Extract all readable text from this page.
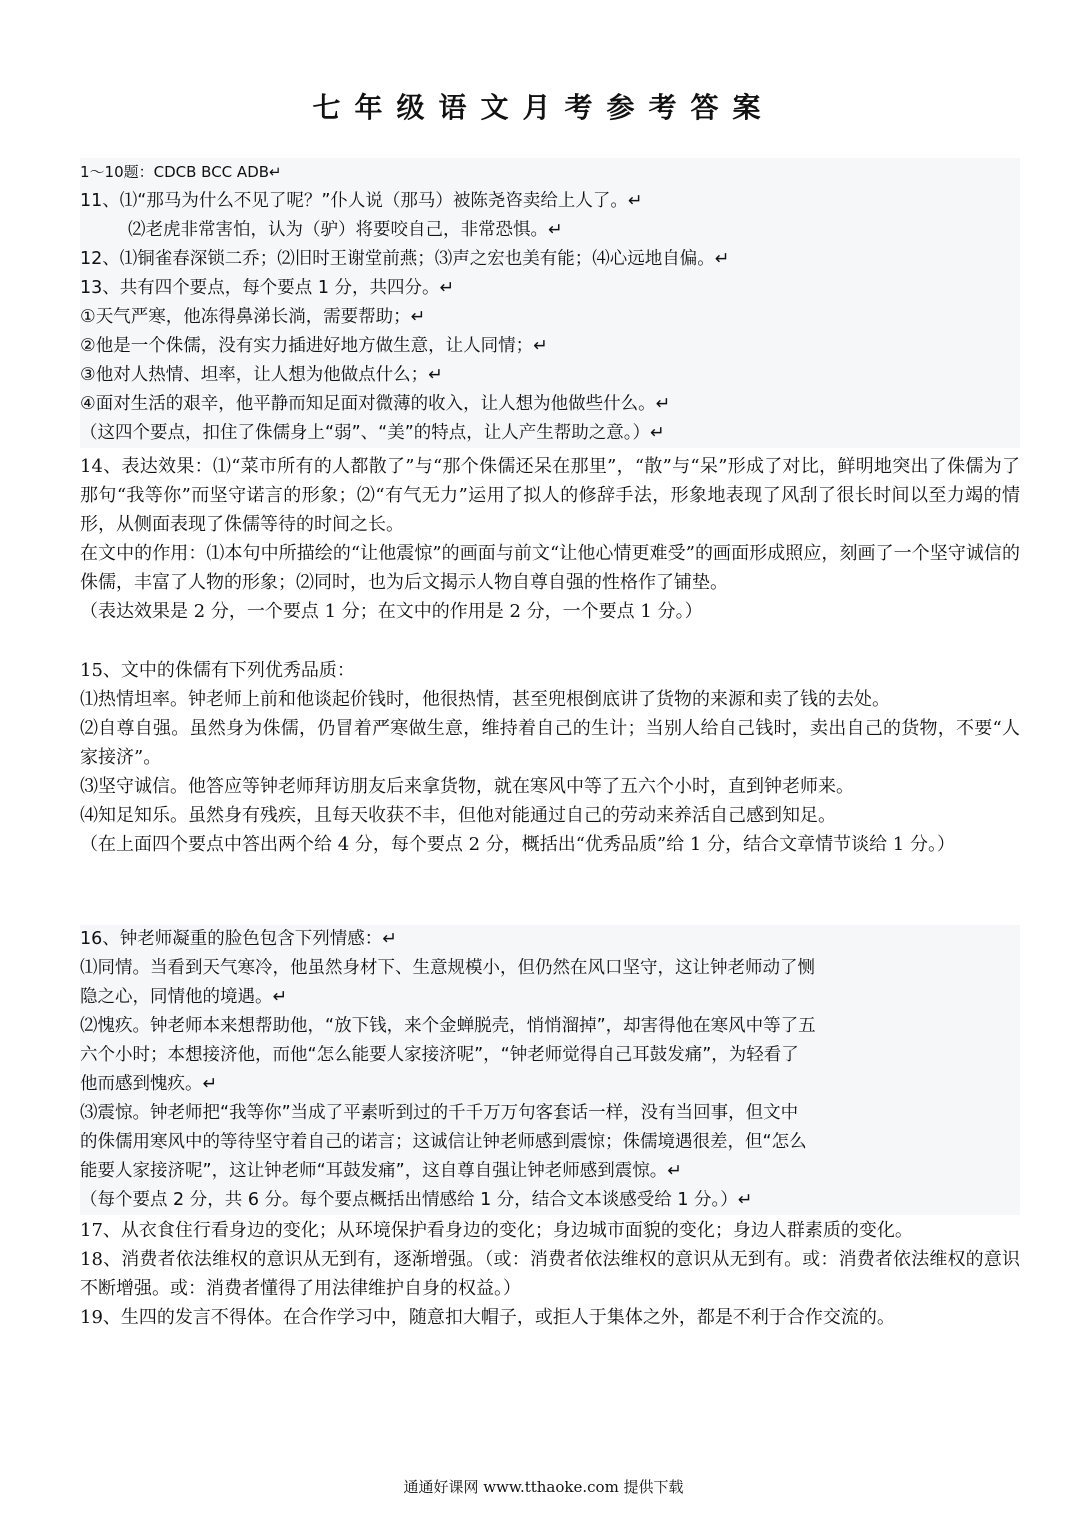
七年级语文月考参考答案
1～10题：CDCB BCC ADB↵
11、⑴“那马为什么不见了呢？”仆人说（那马）被陈尧咨卖给上人了。↵
⑵老虎非常害怕，认为（驴）将要咬自己，非常恐惧。↵
12、⑴铜雀春深锁二乔；⑵旧时王谢堂前燕；⑶声之宏也美有能；⑷心远地自偏。↵
13、共有四个要点，每个要点 1 分，共四分。↵
①天气严寒，他冻得鼻涕长淌，需要帮助；↵
②他是一个侏儒，没有实力插进好地方做生意，让人同情；↵
③他对人热情、坦率，让人想为他做点什么；↵
④面对生活的艰辛，他平静而知足面对微薄的收入，让人想为他做些什么。↵
（这四个要点，扣住了侏儒身上“弱”、“美”的特点，让人产生帮助之意。）↵
14、表达效果：⑴“菜市所有的人都散了”与“那个侏儒还呆在那里”，“散”与“呆”形成了对比，鲜明地突出了侏儒为了那句“我等你”而坚守诺言的形象；⑵“有气无力”运用了拟人的修辞手法，形象地表现了风刮了很长时间以至力竭的情形，从侧面表现了侏儒等待的时间之长。
在文中的作用：⑴本句中所描绘的“让他震惊”的画面与前文“让他心情更难受”的画面形成照应，刻画了一个坚守诚信的侏儒，丰富了人物的形象；⑵同时，也为后文揭示人物自尊自强的性格作了铺垫。
（表达效果是 2 分，一个要点 1 分；在文中的作用是 2 分，一个要点 1 分。）
15、文中的侏儒有下列优秀品质：
⑴热情坦率。钟老师上前和他谈起价钱时，他很热情，甚至兜根倒底讲了货物的来源和卖了钱的去处。
⑵自尊自强。虽然身为侏儒，仍冒着严寒做生意，维持着自己的生计；当别人给自己钱时，卖出自己的货物，不要“人家接济”。
⑶坚守诚信。他答应等钟老师拜访朋友后来拿货物，就在寒风中等了五六个小时，直到钟老师来。
⑷知足知乐。虽然身有残疾，且每天收获不丰，但他对能通过自己的劳动来养活自己感到知足。
（在上面四个要点中答出两个给 4 分，每个要点 2 分，概括出“优秀品质”给 1 分，结合文章情节谈给 1 分。）
16、钟老师凝重的脸色包含下列情感：↵
⑴同情。当看到天气寒冷，他虽然身材下、生意规模小，但仍然在风口坚守，这让钟老师动了恻
隐之心，同情他的境遇。↵
⑵愧疚。钟老师本来想帮助他，“放下钱，来个金蝉脱壳，悄悄溜掉”，却害得他在寒风中等了五
六个小时；本想接济他，而他“怎么能要人家接济呢”，“钟老师觉得自己耳鼓发痛”，为轻看了
他而感到愧疚。↵
⑶震惊。钟老师把“我等你”当成了平素听到过的千千万万句客套话一样，没有当回事，但文中
的侏儒用寒风中的等待坚守着自己的诺言；这诚信让钟老师感到震惊；侏儒境遇很差，但“怎么
能要人家接济呢”，这让钟老师“耳鼓发痛”，这自尊自强让钟老师感到震惊。↵
（每个要点 2 分，共 6 分。每个要点概括出情感给 1 分，结合文本谈感受给 1 分。）↵
17、从衣食住行看身边的变化；从环境保护看身边的变化；身边城市面貌的变化；身边人群素质的变化。
18、消费者依法维权的意识从无到有，逐渐增强。（或：消费者依法维权的意识从无到有。或：消费者依法维权的意识不断增强。或：消费者懂得了用法律维护自身的权益。）
19、生四的发言不得体。在合作学习中，随意扣大帽子，或拒人于集体之外，都是不利于合作交流的。
通通好课网 www.tthaoke.com 提供下载
